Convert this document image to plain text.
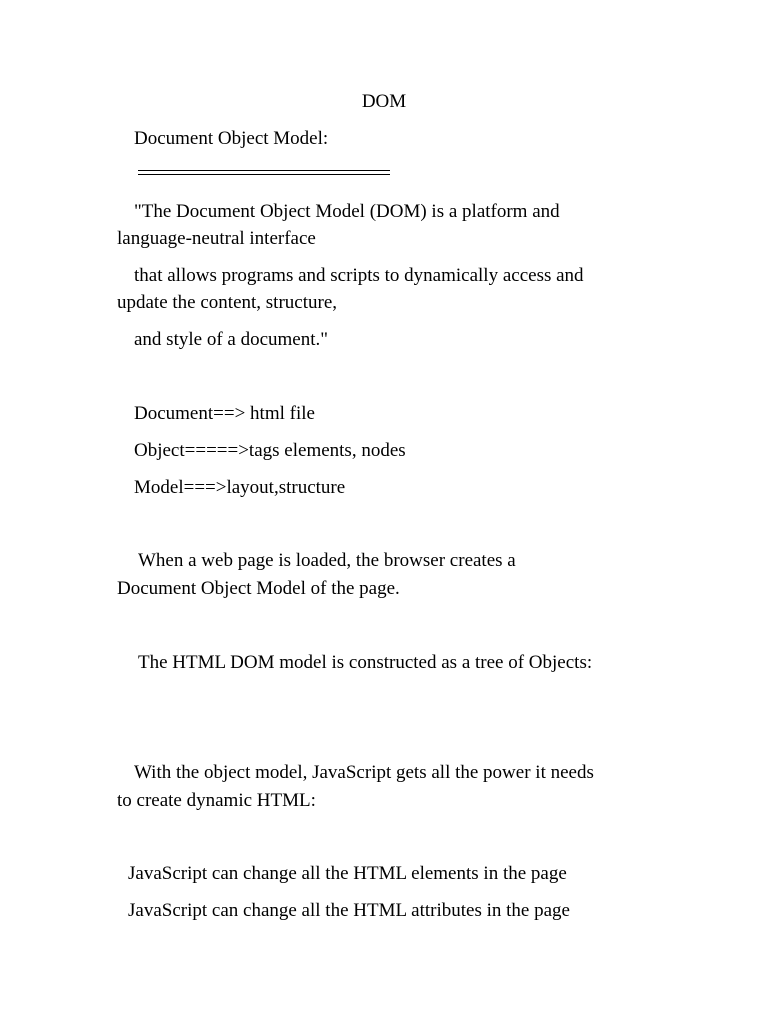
DOM
Document Object Model:
"The Document Object Model (DOM) is a platform and
language-neutral interface
that allows programs and scripts to dynamically access and
update the content, structure,
and style of a document."
Document==> html file
Object=====>tags elements, nodes
Model===>layout,structure
When a web page is loaded, the browser creates a
Document Object Model of the page.
The HTML DOM model is constructed as a tree of Objects:
With the object model, JavaScript gets all the power it needs
to create dynamic HTML:
JavaScript can change all the HTML elements in the page
JavaScript can change all the HTML attributes in the page
